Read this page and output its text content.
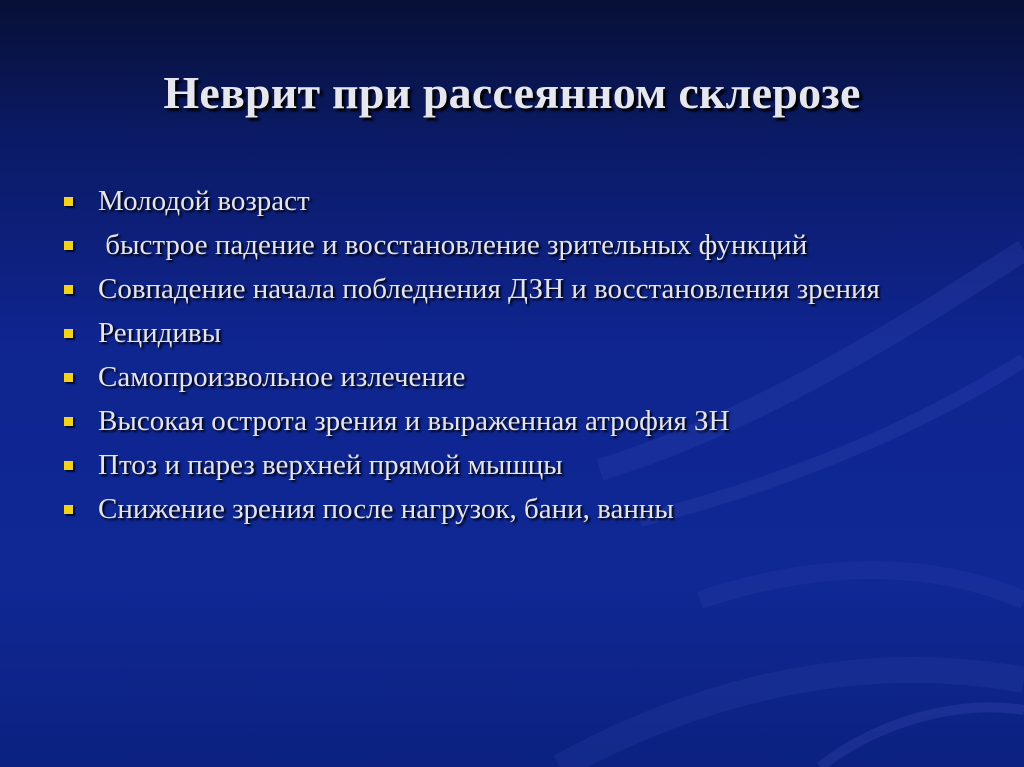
Неврит при рассеянном склерозе
Молодой возраст
быстрое падение и восстановление зрительных функций
Совпадение начала побледнения ДЗН и восстановления зрения
Рецидивы
Самопроизвольное излечение
Высокая острота зрения и выраженная атрофия ЗН
Птоз и парез верхней прямой мышцы
Снижение зрения после нагрузок, бани, ванны
